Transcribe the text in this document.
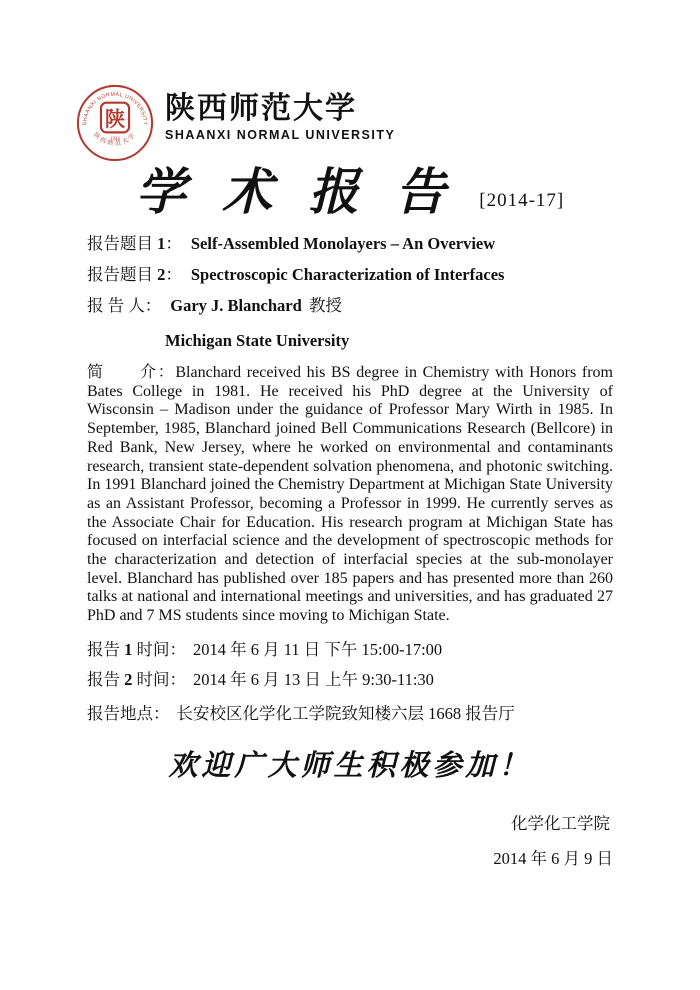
SHAANXI NORMAL UNIVERSITY
陕西师范大学
陕
1944
陕西师范大学
SHAANXI NORMAL UNIVERSITY
学 术 报 告 [2014-17]
报告题目 1： Self-Assembled Monolayers – An Overview
报告题目 2： Spectroscopic Characterization of Interfaces
报 告 人： Gary J. Blanchard 教授
Michigan State University

简　　介：Blanchard received his BS degree in Chemistry with Honors from Bates College in 1981. He received his PhD degree at the University of Wisconsin – Madison under the guidance of Professor Mary Wirth in 1985. In September, 1985, Blanchard joined Bell Communications Research (Bellcore) in Red Bank, New Jersey, where he worked on environmental and contaminants research, transient state-dependent solvation phenomena, and photonic switching. In 1991 Blanchard joined the Chemistry Department at Michigan State University as an Assistant Professor, becoming a Professor in 1999. He currently serves as the Associate Chair for Education. His research program at Michigan State has focused on interfacial science and the development of spectroscopic methods for the characterization and detection of interfacial species at the sub-monolayer level. Blanchard has published over 185 papers and has presented more than 260 talks at national and international meetings and universities, and has graduated 27 PhD and 7 MS students since moving to Michigan State.

报告 1 时间： 2014 年 6 月 11 日 下午 15:00-17:00
报告 2 时间： 2014 年 6 月 13 日 上午 9:30-11:30
报告地点： 长安校区化学化工学院致知楼六层 1668 报告厅
欢迎广大师生积极参加！
化学化工学院
2014 年 6 月 9 日
